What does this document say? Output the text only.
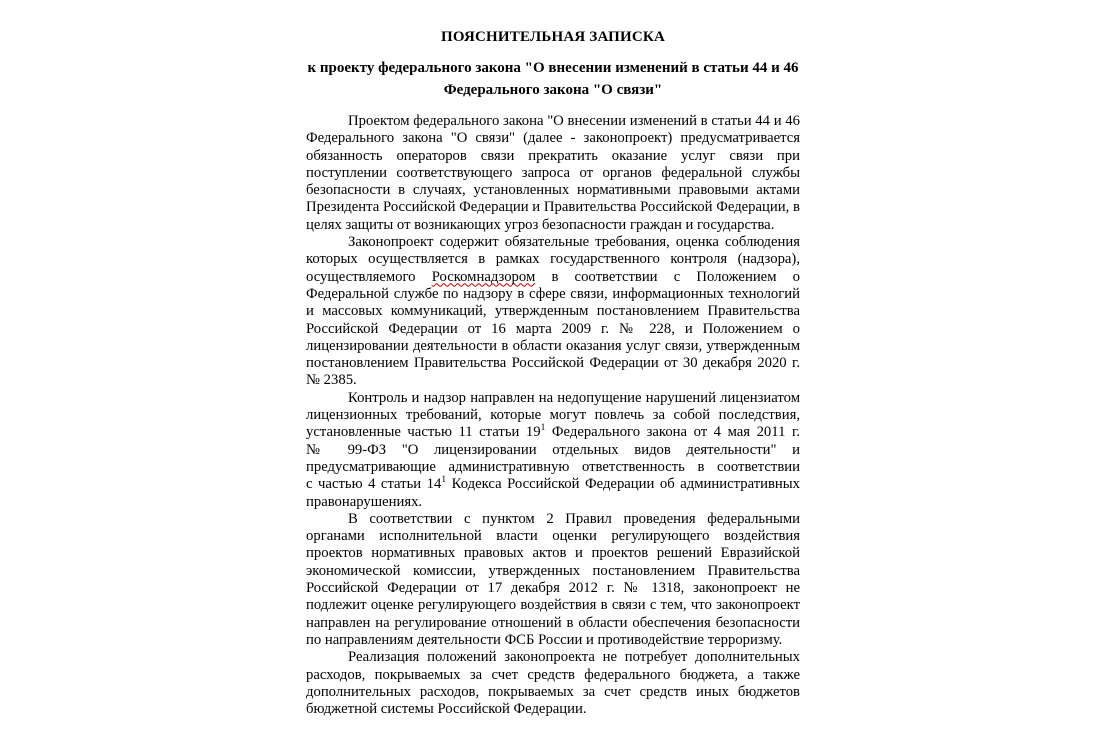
ПОЯСНИТЕЛЬНАЯ ЗАПИСКА
к проекту федерального закона "О внесении изменений в статьи 44 и 46
Федерального закона "О связи"

Проектом федерального закона "О внесении изменений в статьи 44 и 46 Федерального закона "О связи" (далее - законопроект) предусматривается обязанность операторов связи прекратить оказание услуг связи при поступлении соответствующего запроса от органов федеральной службы безопасности в случаях, установленных нормативными правовыми актами Президента Российской Федерации и Правительства Российской Федерации, в целях защиты от возникающих угроз безопасности граждан и государства.

Законопроект содержит обязательные требования, оценка соблюдения которых осуществляется в рамках государственного контроля (надзора), осуществляемого Роскомнадзором в соответствии с Положением о Федеральной службе по надзору в сфере связи, информационных технологий и массовых коммуникаций, утвержденным постановлением Правительства Российской Федерации от 16 марта 2009 г. № 228, и Положением о лицензировании деятельности в области оказания услуг связи, утвержденным постановлением Правительства Российской Федерации от 30 декабря 2020 г. № 2385.

Контроль и надзор направлен на недопущение нарушений лицензиатом лицензионных требований, которые могут повлечь за собой последствия, установленные частью 11 статьи $19^1$ Федерального закона от 4 мая 2011 г. № 99-ФЗ "О лицензировании отдельных видов деятельности" и предусматривающие административную ответственность в соответствии с частью 4 статьи $14^1$ Кодекса Российской Федерации об административных правонарушениях.

В соответствии с пунктом 2 Правил проведения федеральными органами исполнительной власти оценки регулирующего воздействия проектов нормативных правовых актов и проектов решений Евразийской экономической комиссии, утвержденных постановлением Правительства Российской Федерации от 17 декабря 2012 г. № 1318, законопроект не подлежит оценке регулирующего воздействия в связи с тем, что законопроект направлен на регулирование отношений в области обеспечения безопасности по направлениям деятельности ФСБ России и противодействие терроризму.

Реализация положений законопроекта не потребует дополнительных расходов, покрываемых за счет средств федерального бюджета, а также дополнительных расходов, покрываемых за счет средств иных бюджетов бюджетной системы Российской Федерации.
